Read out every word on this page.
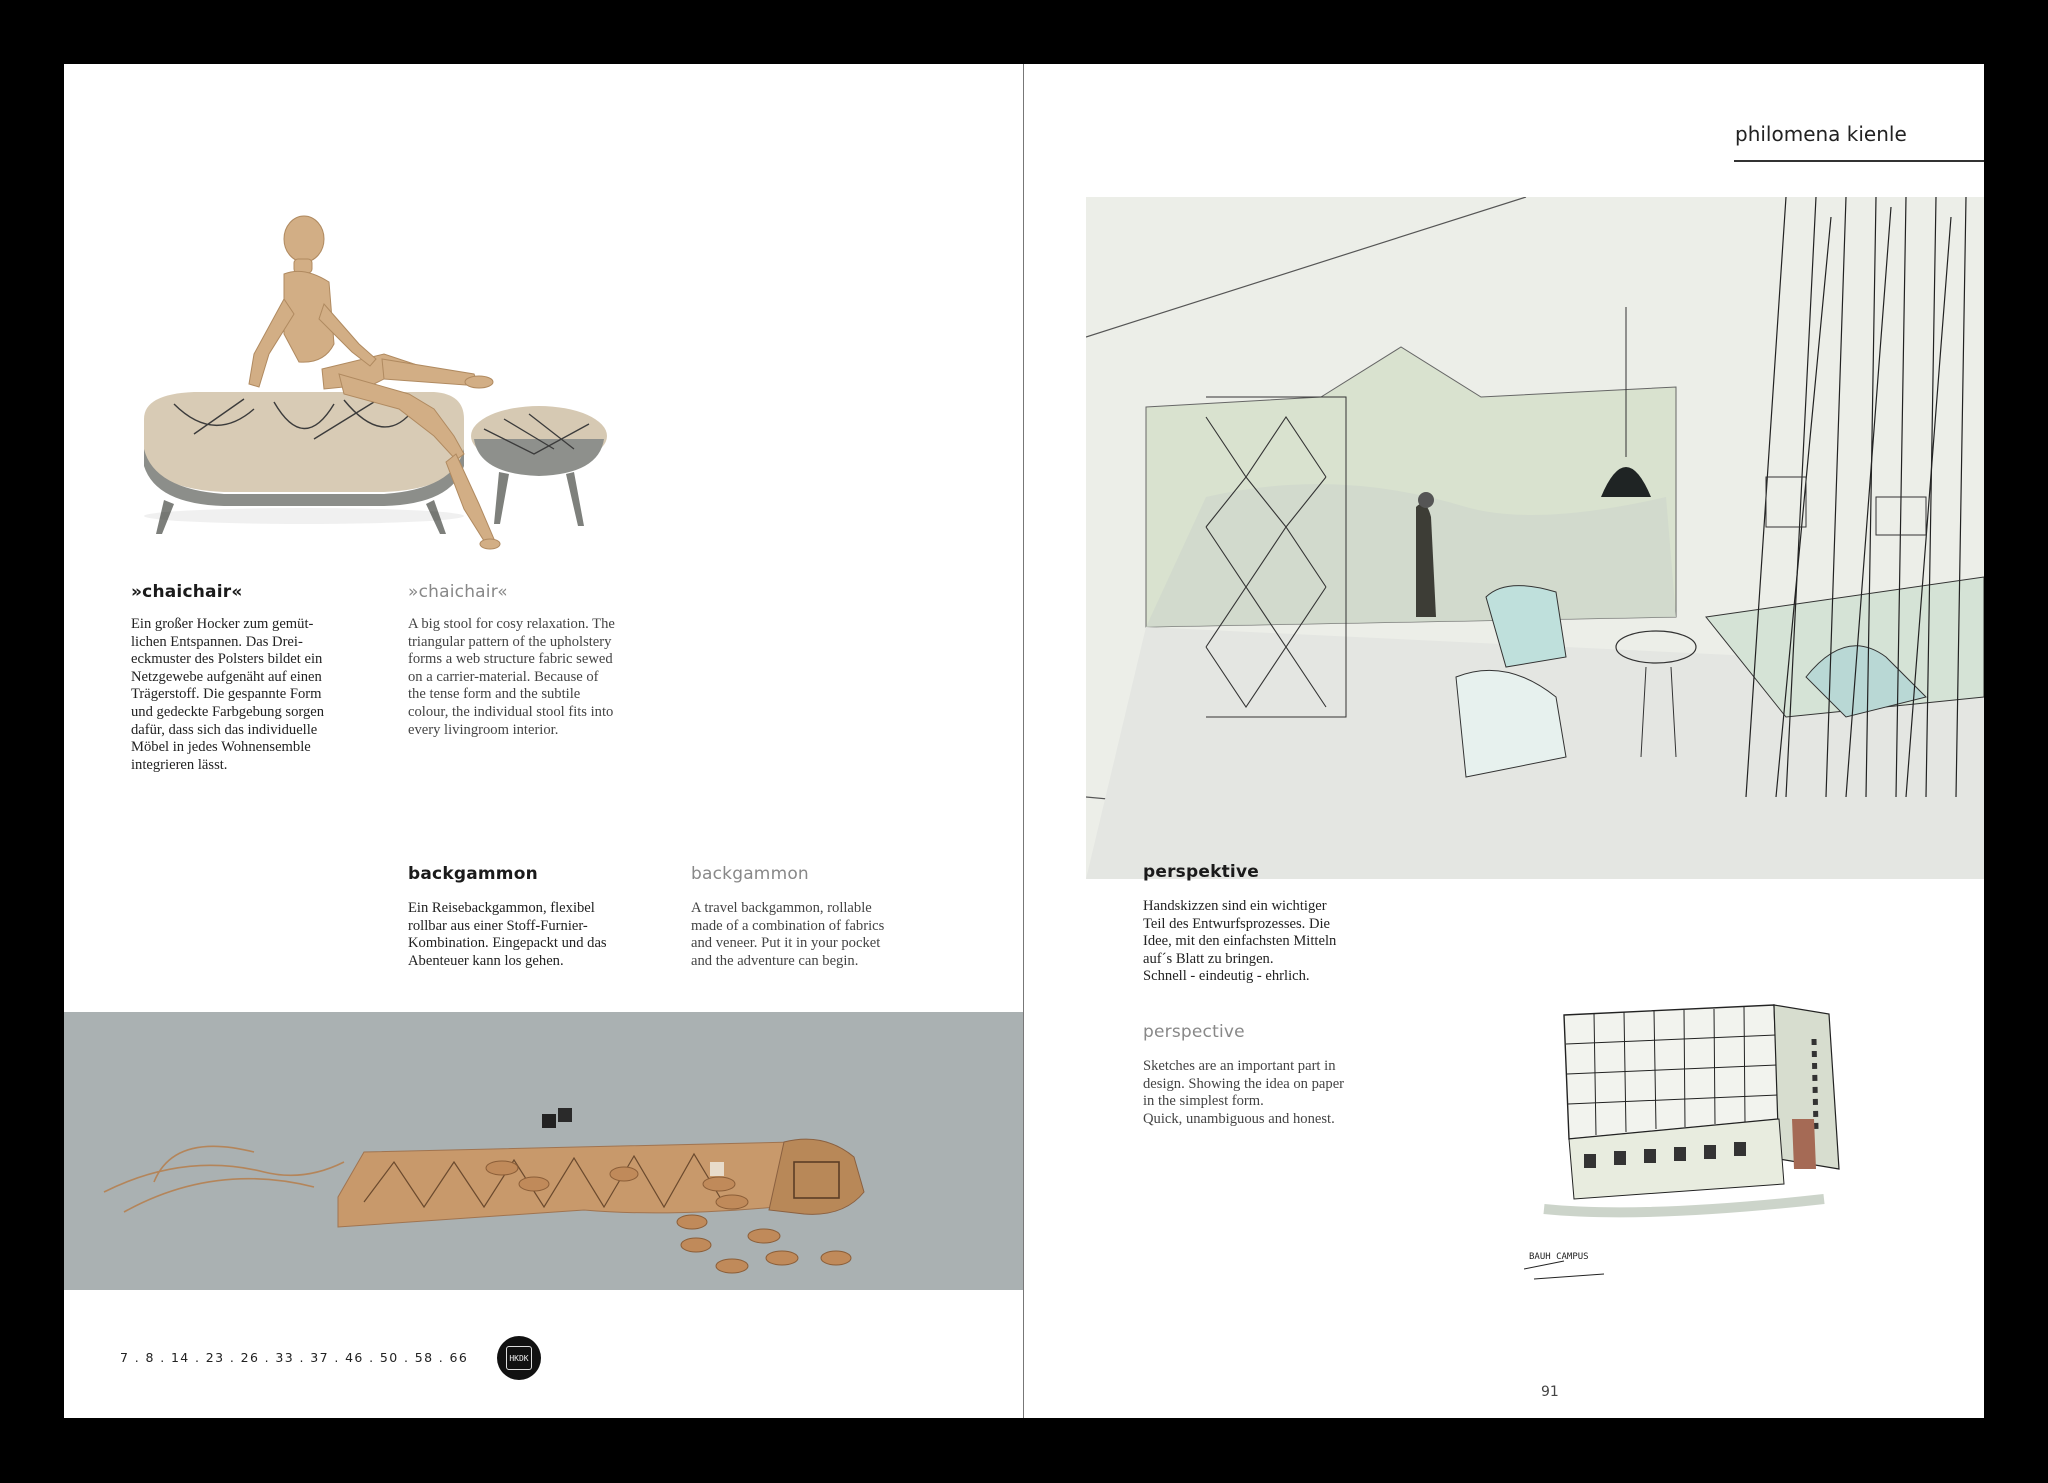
»chaichair«
Ein großer Hocker zum gemüt-
lichen Entspannen. Das Drei-
eckmuster des Polsters bildet ein
Netzgewebe aufgenäht auf einen
Trägerstoff. Die gespannte Form
und gedeckte Farbgebung sorgen
dafür, dass sich das individuelle
Möbel in jedes Wohnensemble
integrieren lässt.
»chaichair«
A big stool for cosy relaxation. The
triangular pattern of the upholstery
forms a web structure fabric sewed
on a carrier-material. Because of
the tense form and the subtile
colour, the individual stool fits into
every livingroom interior.
backgammon
Ein Reisebackgammon, flexibel
rollbar aus einer Stoff-Furnier-
Kombination. Eingepackt und das
Abenteuer kann los gehen.
backgammon
A travel backgammon, rollable
made of a combination of fabrics
and veneer. Put it in your pocket
and the adventure can begin.
7 . 8 . 14 . 23 . 26 . 33 . 37 . 46 . 50 . 58 . 66	HKDK
philomena kienle
perspektive
Handskizzen sind ein wichtiger
Teil des Entwurfsprozesses. Die
Idee, mit den einfachsten Mitteln
auf´s Blatt zu bringen.
Schnell - eindeutig - ehrlich.
perspective
Sketches are an important part in
design. Showing the idea on paper
in the simplest form.
Quick, unambiguous and honest.
BAUH CAMPUS
91
